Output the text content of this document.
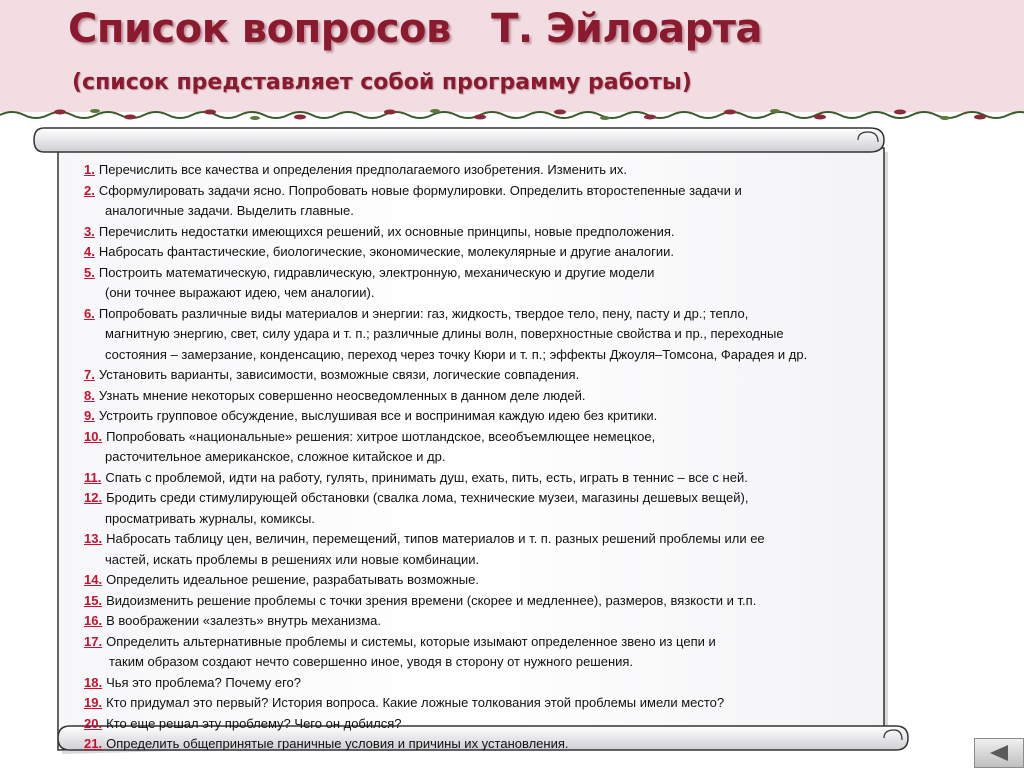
Список вопросов   Т. Эйлоарта
(список представляет собой программу работы)
1. Перечислить все качества и определения предполагаемого изобретения. Изменить их.
2. Сформулировать задачи ясно. Попробовать новые формулировки. Определить второстепенные задачи и
аналогичные задачи. Выделить главные.
3. Перечислить недостатки имеющихся решений, их основные принципы, новые предположения.
4. Набросать фантастические, биологические, экономические, молекулярные и другие аналогии.
5. Построить математическую, гидравлическую, электронную, механическую и другие модели
(они точнее выражают идею, чем аналогии).
6. Попробовать различные виды материалов и энергии: газ, жидкость, твердое тело, пену, пасту и др.; тепло,
магнитную энергию, свет, силу удара и т. п.; различные длины волн, поверхностные свойства и пр., переходные
состояния – замерзание, конденсацию, переход через точку Кюри и т. п.; эффекты Джоуля–Томсона, Фарадея и др.
7. Установить варианты, зависимости, возможные связи, логические совпадения.
8. Узнать мнение некоторых совершенно неосведомленных в данном деле людей.
9. Устроить групповое обсуждение, выслушивая все и воспринимая каждую идею без критики.
10. Попробовать «национальные» решения: хитрое шотландское, всеобъемлющее немецкое,
расточительное американское, сложное китайское и др.
11. Спать с проблемой, идти на работу, гулять, принимать душ, ехать, пить, есть, играть в теннис – все с ней.
12. Бродить среди стимулирующей обстановки (свалка лома, технические музеи, магазины дешевых вещей),
просматривать журналы, комиксы.
13. Набросать таблицу цен, величин, перемещений, типов материалов и т. п. разных решений проблемы или ее
частей, искать проблемы в решениях или новые комбинации.
14. Определить идеальное решение, разрабатывать возможные.
15. Видоизменить решение проблемы с точки зрения времени (скорее и медленнее), размеров, вязкости и т.п.
16. В воображении «залезть» внутрь механизма.
17. Определить альтернативные проблемы и системы, которые изымают определенное звено из цепи и
таким образом создают нечто совершенно иное, уводя в сторону от нужного решения.
18. Чья это проблема? Почему его?
19. Кто придумал это первый? История вопроса. Какие ложные толкования этой проблемы имели место?
20. Кто еще решал эту проблему? Чего он добился?
21. Определить общепринятые граничные условия и причины их установления.
